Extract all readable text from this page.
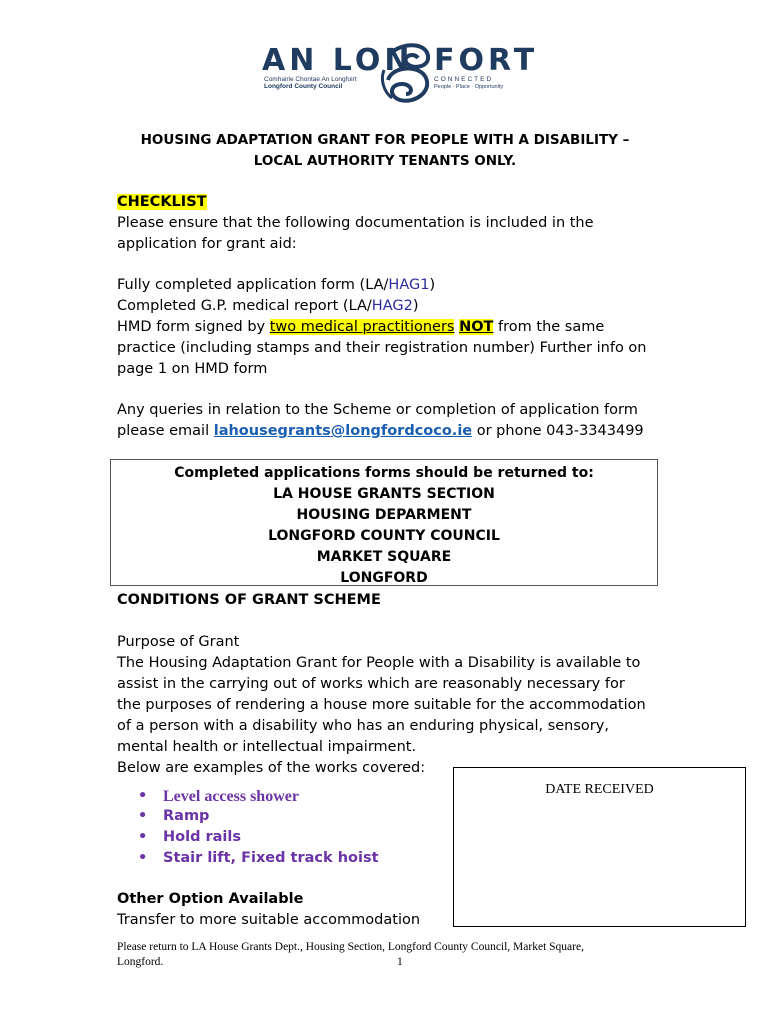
AN LON FORT
Comhairle Chontae An Longfoirt
Longford County Council
CONNECTED
People · Place · Opportunity
HOUSING ADAPTATION GRANT FOR PEOPLE WITH A DISABILITY –
LOCAL AUTHORITY TENANTS ONLY.
CHECKLIST
Please ensure that the following documentation is included in the
application for grant aid:
Fully completed application form (LA/HAG1)
Completed G.P. medical report (LA/HAG2)
HMD form signed by two medical practitioners NOT from the same
practice (including stamps and their registration number) Further info on
page 1 on HMD form
Any queries in relation to the Scheme or completion of application form
please email lahousegrants@longfordcoco.ie or phone 043-3343499
Completed applications forms should be returned to:
LA HOUSE GRANTS SECTION
HOUSING DEPARMENT
LONGFORD COUNTY COUNCIL
MARKET SQUARE
LONGFORD
CONDITIONS OF GRANT SCHEME
Purpose of Grant
The Housing Adaptation Grant for People with a Disability is available to
assist in the carrying out of works which are reasonably necessary for
the purposes of rendering a house more suitable for the accommodation
of a person with a disability who has an enduring physical, sensory,
mental health or intellectual impairment.
Below are examples of the works covered:
• Level access shower
• Ramp
• Hold rails
• Stair lift, Fixed track hoist
Other Option Available
Transfer to more suitable accommodation
DATE RECEIVED
Please return to LA House Grants Dept., Housing Section, Longford County Council, Market Square,
Longford.	1
